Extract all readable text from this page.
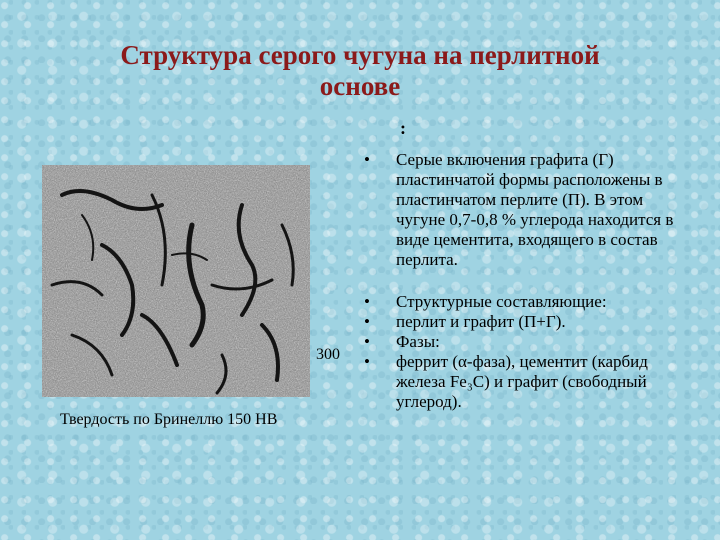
Структура серого чугуна на перлитной
основе
:
300
Твердость по Бринеллю 150 НВ
• Серые включения графита (Г) пластинчатой формы расположены в пластинчатом перлите (П). В этом чугуне 0,7-0,8 % углерода находится в виде цементита, входящего в состав перлита.
• Структурные составляющие:
• перлит и графит (П+Г).
• Фазы:
• феррит (α-фаза), цементит (карбид железа Fe₃C) и графит (свободный углерод).
